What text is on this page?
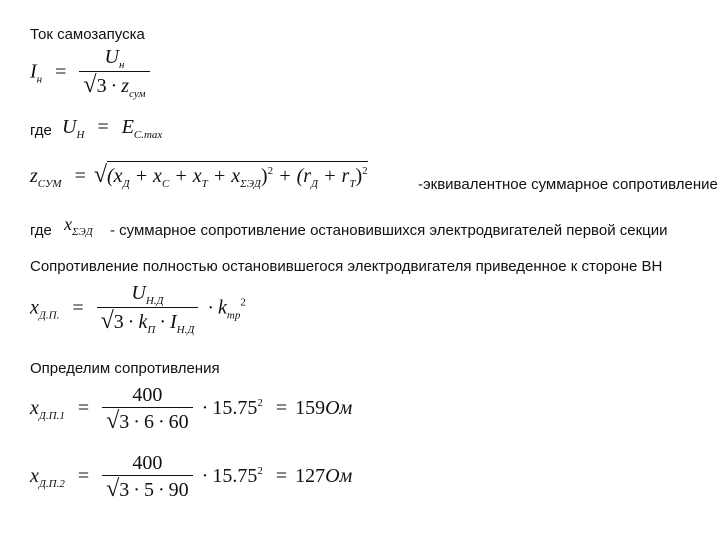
Ток самозапуска
$I_н = \frac{U_н}{√3 \cdot z_{сум}}$
где $U_Н = E_{C.max}$
$z_{СУМ} = √(x_Д + x_C + x_T + x_{\Sigma ЭД})^2 + (r_Д + r_T)^2$
-эквивалентное суммарное сопротивление
где $x_{\Sigma ЭД}$ - суммарное сопротивление остановившихся электродвигателей первой секции
Сопротивление полностью остановившегося электродвигателя приведенное к стороне ВН
$x_{Д.П.} = \frac{U_{Н.Д}}{√3 \cdot k_П \cdot I_{Н.Д}} \cdot k_{тр}^2$
Определим сопротивления
$x_{Д.П.1} = \frac{400}{√3 \cdot 6 \cdot 60} \cdot 15.75^2 = 159Ом$
$x_{Д.П.2} = \frac{400}{√3 \cdot 5 \cdot 90} \cdot 15.75^2 = 127Ом$
